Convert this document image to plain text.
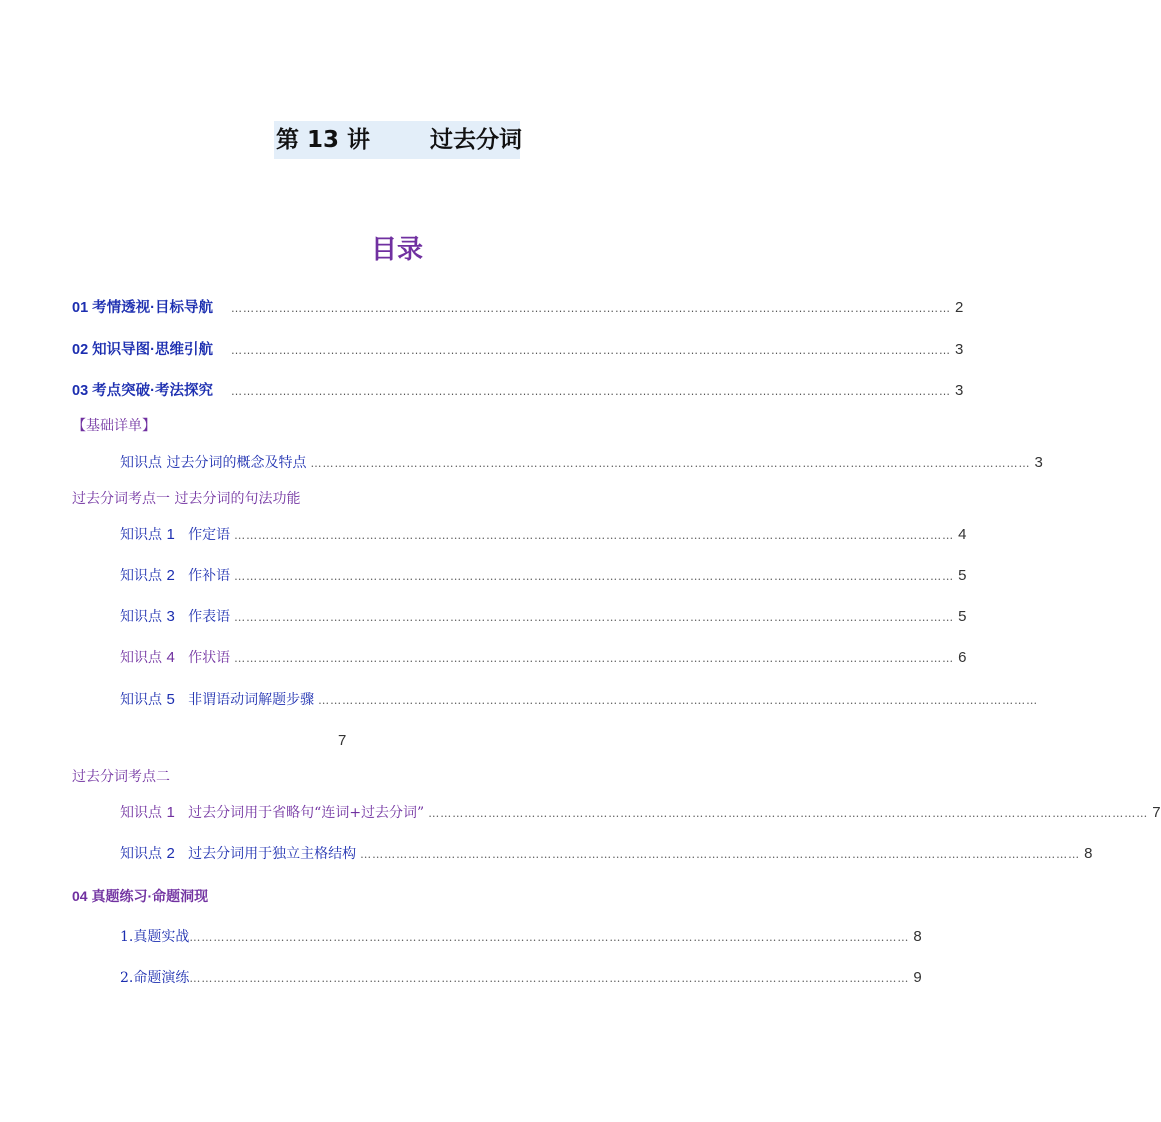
第 13 讲	过去分词
目录
01 考情透视·目标导航 ……………………………………………………………………………………………………………………………………………………………… 2
02 知识导图·思维引航 ……………………………………………………………………………………………………………………………………………………………… 3
03 考点突破·考法探究 ……………………………………………………………………………………………………………………………………………………………… 3
【基础详单】
知识点 过去分词的概念及特点 ……………………………………………………………………………………………………………………………………………………………… 3
过去分词考点一 过去分词的句法功能
知识点 1 作定语 ……………………………………………………………………………………………………………………………………………………………… 4
知识点 2 作补语 ……………………………………………………………………………………………………………………………………………………………… 5
知识点 3 作表语 ……………………………………………………………………………………………………………………………………………………………… 5
知识点 4 作状语 ……………………………………………………………………………………………………………………………………………………………… 6
知识点 5 非谓语动词解题步骤 ………………………………………………………………………………………………………………………………………………………………
7
过去分词考点二
知识点 1 过去分词用于省略句“连词+过去分词” ……………………………………………………………………………………………………………………………………………………………… 7
知识点 2 过去分词用于独立主格结构 ……………………………………………………………………………………………………………………………………………………………… 8
04 真题练习·命题洞现
1.真题实战 ……………………………………………………………………………………………………………………………………………………………… 8
2.命题演练 ……………………………………………………………………………………………………………………………………………………………… 9
